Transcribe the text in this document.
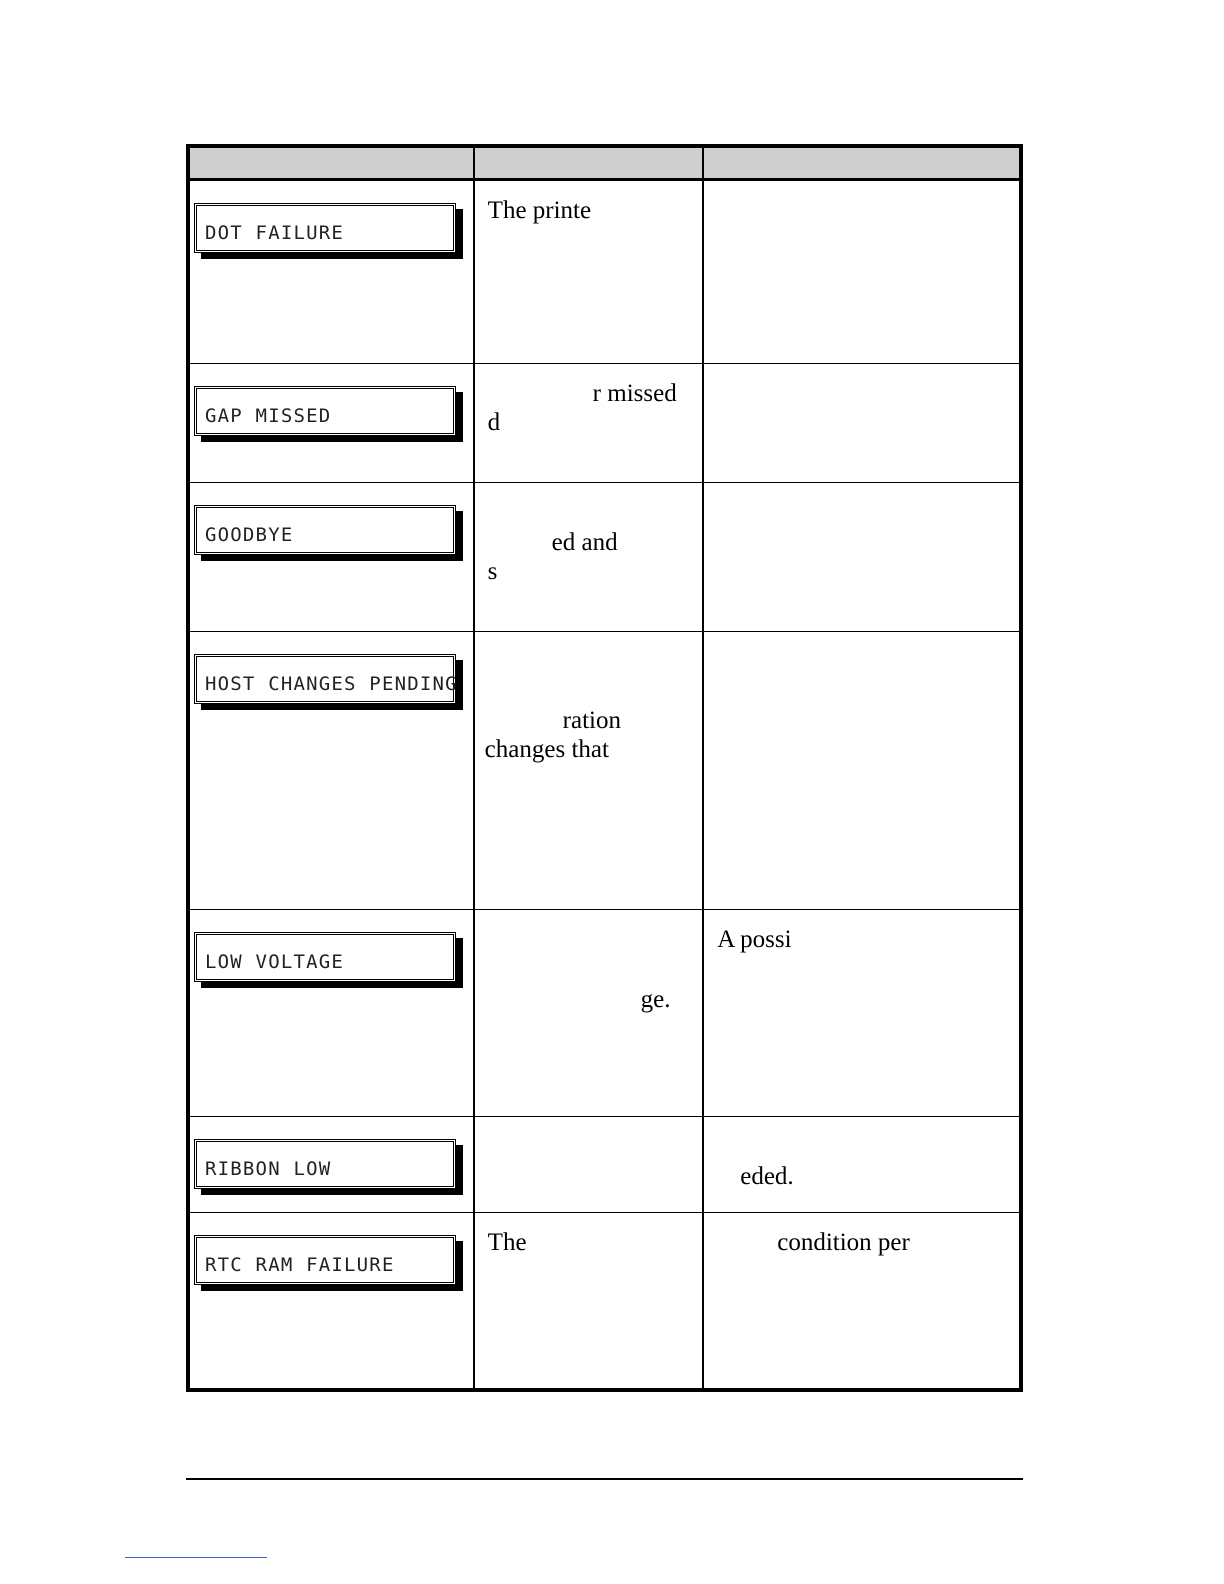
DOT FAILURE	The printe	

GAP MISSED	r missed
d	

GOODBYE	ed and
s	

HOST CHANGES PENDING	ration
changes that	

LOW VOLTAGE	ge.	A possi

RIBBON LOW		eded.

RTC RAM FAILURE	The	condition per
